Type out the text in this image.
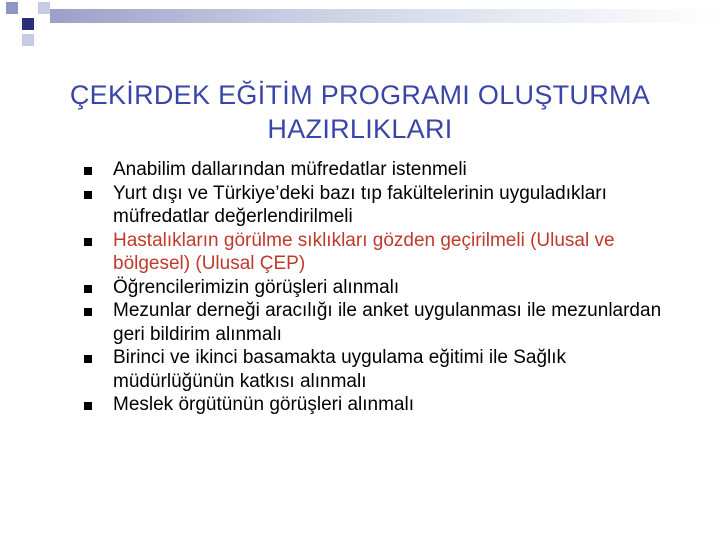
ÇEKİRDEK EĞİTİM PROGRAMI OLUŞTURMA
HAZIRLIKLARI
Anabilim dallarından müfredatlar istenmeli
Yurt dışı ve Türkiye’deki bazı tıp fakültelerinin uyguladıkları müfredatlar değerlendirilmeli
Hastalıkların görülme sıklıkları gözden geçirilmeli (Ulusal ve bölgesel) (Ulusal ÇEP)
Öğrencilerimizin görüşleri alınmalı
Mezunlar derneği aracılığı ile anket uygulanması ile mezunlardan geri bildirim alınmalı
Birinci ve ikinci basamakta uygulama eğitimi ile Sağlık müdürlüğünün katkısı alınmalı
Meslek örgütünün görüşleri alınmalı
